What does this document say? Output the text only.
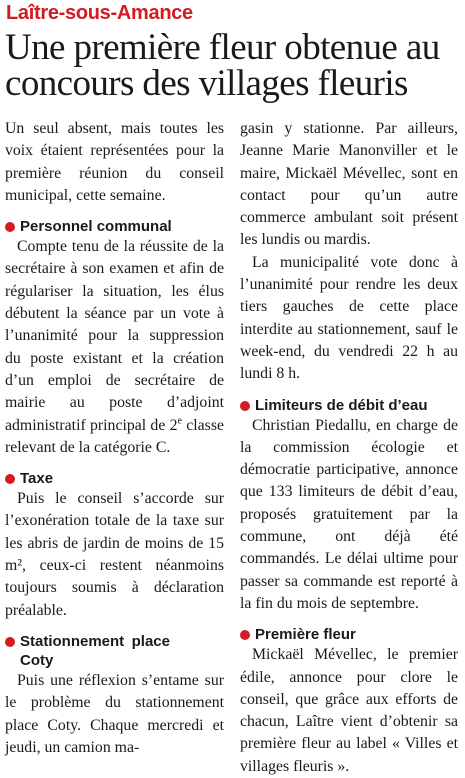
Laître-sous-Amance
Une première fleur obtenue au concours des villages fleuris

Un seul absent, mais toutes les voix étaient représentées pour la première réunion du conseil municipal, cette semaine.

Personnel communal

Compte tenu de la réussite de la secrétaire à son examen et afin de régulariser la situation, les élus débutent la séance par un vote à l’unanimité pour la suppression du poste existant et la création d’un emploi de secrétaire de mairie au poste d’adjoint administratif principal de 2e classe relevant de la catégorie C.

Taxe

Puis le conseil s’accorde sur l’exonération totale de la taxe sur les abris de jardin de moins de 15 m², ceux-ci restent néanmoins toujours soumis à déclaration préalable.

Stationnement place Coty

Puis une réflexion s’entame sur le problème du stationnement place Coty. Chaque mercredi et jeudi, un camion ma-

gasin y stationne. Par ailleurs, Jeanne Marie Manonviller et le maire, Mickaël Mévellec, sont en contact pour qu’un autre commerce ambulant soit présent les lundis ou mardis.

La municipalité vote donc à l’unanimité pour rendre les deux tiers gauches de cette place interdite au stationnement, sauf le week-end, du vendredi 22 h au lundi 8 h.

Limiteurs de débit d’eau

Christian Piedallu, en charge de la commission écologie et démocratie participative, annonce que 133 limiteurs de débit d’eau, proposés gratuitement par la commune, ont déjà été commandés. Le délai ultime pour passer sa commande est reporté à la fin du mois de septembre.

Première fleur

Mickaël Mévellec, le premier édile, annonce pour clore le conseil, que grâce aux efforts de chacun, Laître vient d’obtenir sa première fleur au label « Villes et villages fleuris ».
